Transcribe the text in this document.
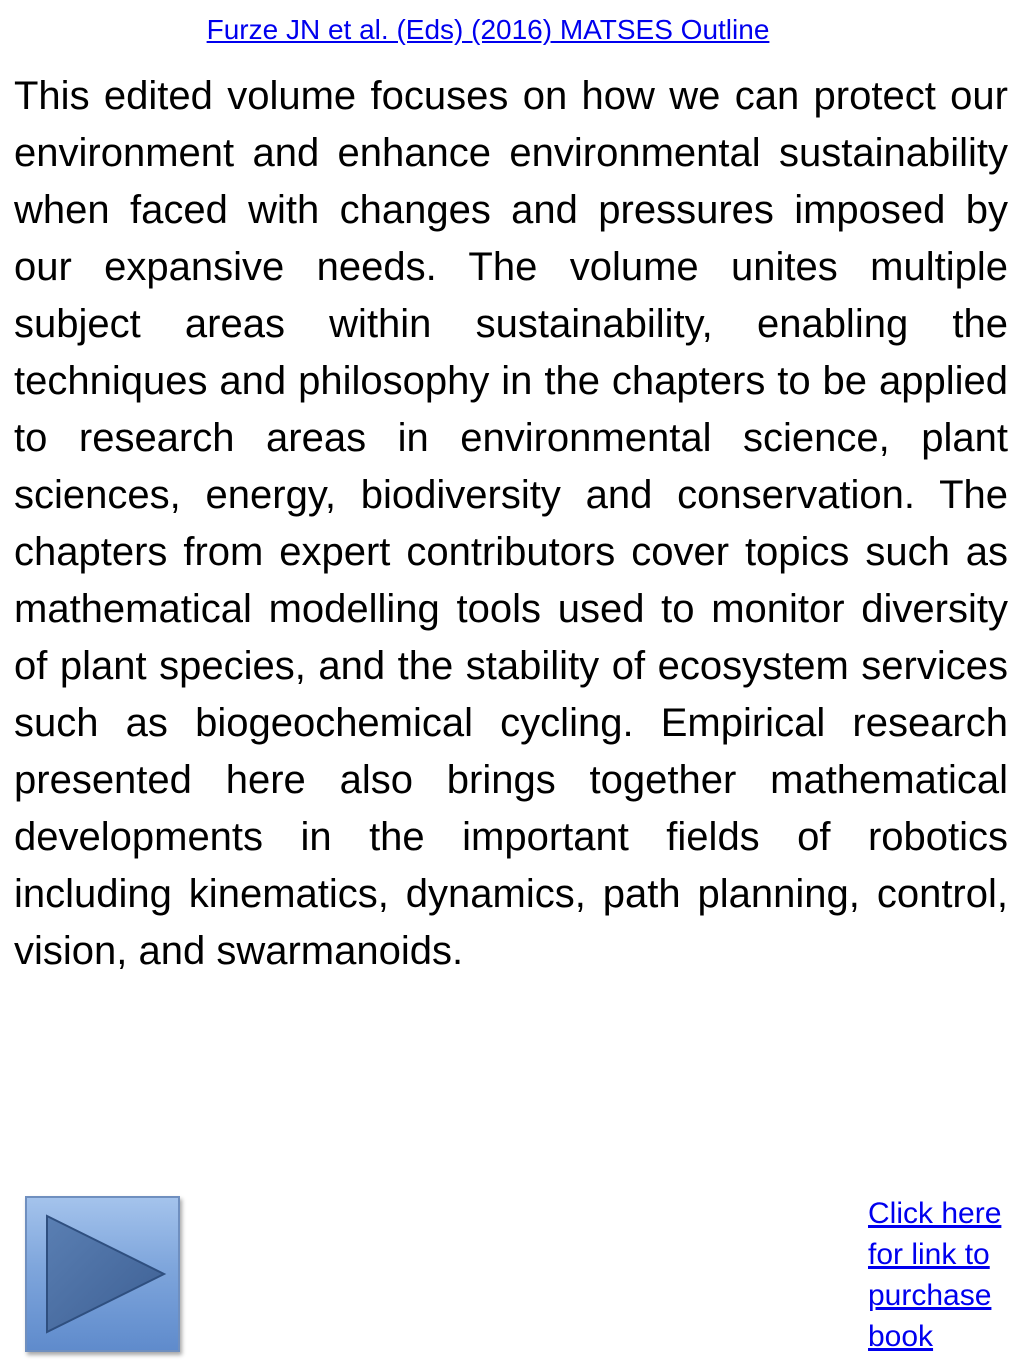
Furze JN et al. (Eds) (2016) MATSES Outline

This edited volume focuses on how we can protect our environment and enhance environmental sustainability when faced with changes and pressures imposed by our expansive needs. The volume unites multiple subject areas within sustainability, enabling the techniques and philosophy in the chapters to be applied to research areas in environmental science, plant sciences, energy, biodiversity and conservation. The chapters from expert contributors cover topics such as mathematical modelling tools used to monitor diversity of plant species, and the stability of ecosystem services such as biogeochemical cycling. Empirical research presented here also brings together mathematical developments in the important fields of robotics including kinematics, dynamics, path planning, control, vision, and swarmanoids.

Click here for link to purchase book
